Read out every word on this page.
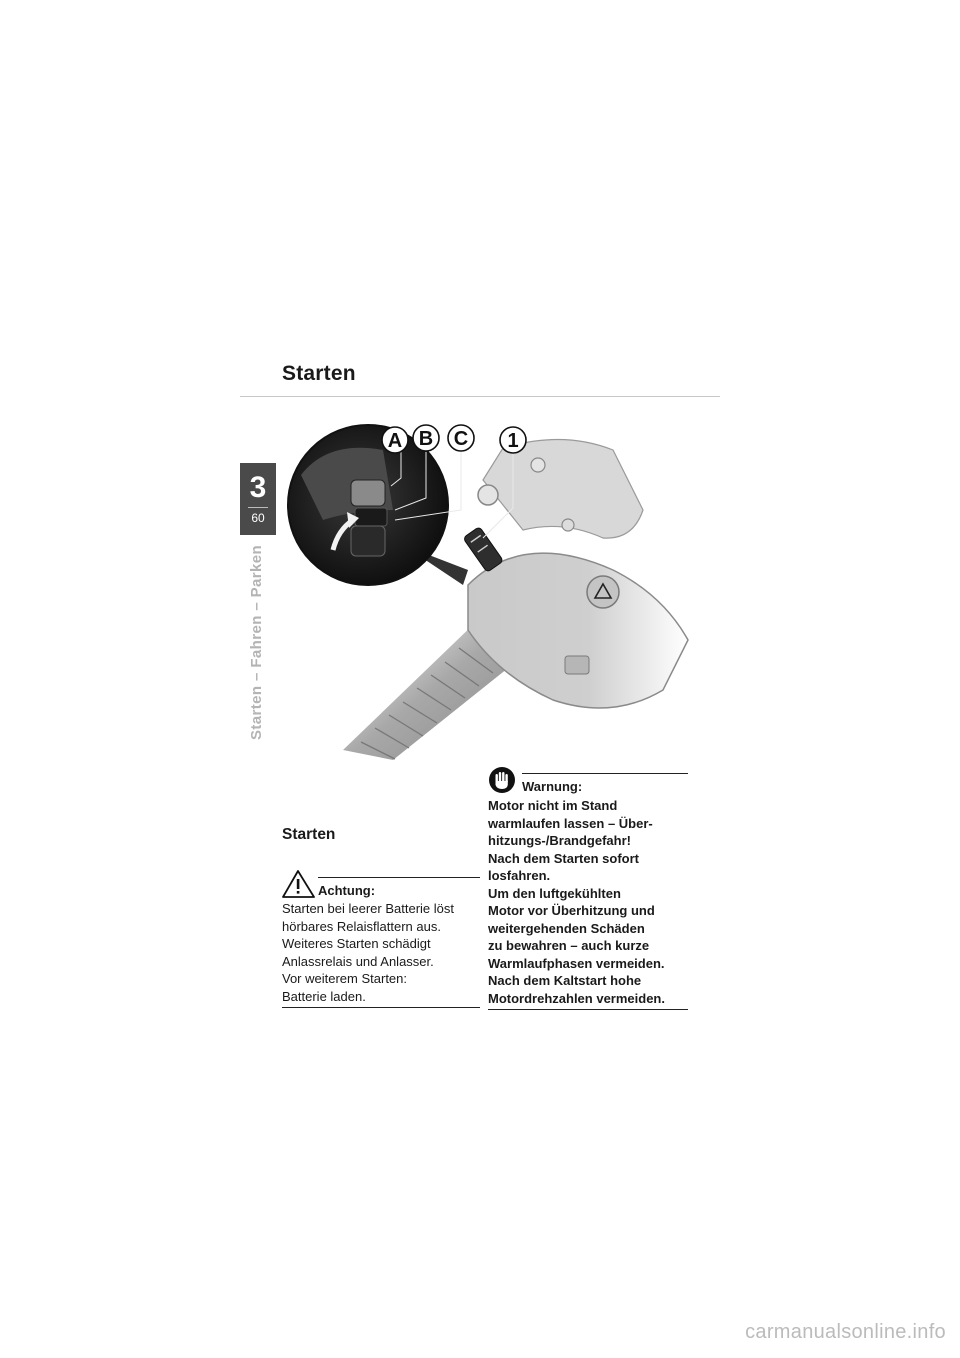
Starten
3
60
Starten – Fahren – Parken
A B C 1
Starten
Achtung:

Starten bei leerer Batterie löst
hörbares Relaisflattern aus.
Weiteres Starten schädigt
Anlassrelais und Anlasser.
Vor weiterem Starten:
Batterie laden.

Warnung:

Motor nicht im Stand
warmlaufen lassen – Über-
hitzungs-/Brandgefahr!
Nach dem Starten sofort
losfahren.
Um den luftgekühlten
Motor vor Überhitzung und
weitergehenden Schäden
zu bewahren – auch kurze
Warmlaufphasen vermeiden.
Nach dem Kaltstart hohe
Motordrehzahlen vermeiden.

carmanualsonline.info
